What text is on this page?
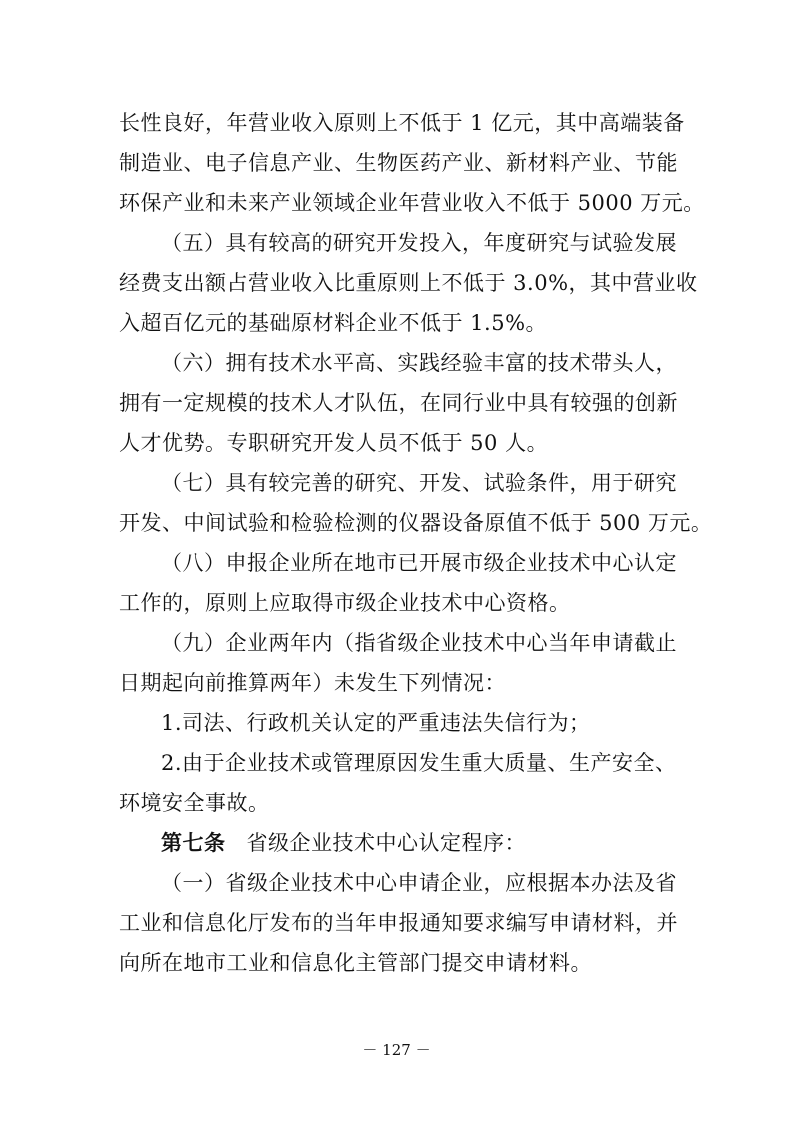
长性良好，年营业收入原则上不低于 1 亿元，其中高端装备
制造业、电子信息产业、生物医药产业、新材料产业、节能
环保产业和未来产业领域企业年营业收入不低于 5000 万元。
（五）具有较高的研究开发投入，年度研究与试验发展
经费支出额占营业收入比重原则上不低于 3.0%，其中营业收
入超百亿元的基础原材料企业不低于 1.5%。
（六）拥有技术水平高、实践经验丰富的技术带头人，
拥有一定规模的技术人才队伍，在同行业中具有较强的创新
人才优势。专职研究开发人员不低于 50 人。
（七）具有较完善的研究、开发、试验条件，用于研究
开发、中间试验和检验检测的仪器设备原值不低于 500 万元。
（八）申报企业所在地市已开展市级企业技术中心认定
工作的，原则上应取得市级企业技术中心资格。
（九）企业两年内（指省级企业技术中心当年申请截止
日期起向前推算两年）未发生下列情况：
1.司法、行政机关认定的严重违法失信行为；
2.由于企业技术或管理原因发生重大质量、生产安全、
环境安全事故。
第七条 省级企业技术中心认定程序：
（一）省级企业技术中心申请企业，应根据本办法及省
工业和信息化厅发布的当年申报通知要求编写申请材料，并
向所在地市工业和信息化主管部门提交申请材料。
－ 127 －
